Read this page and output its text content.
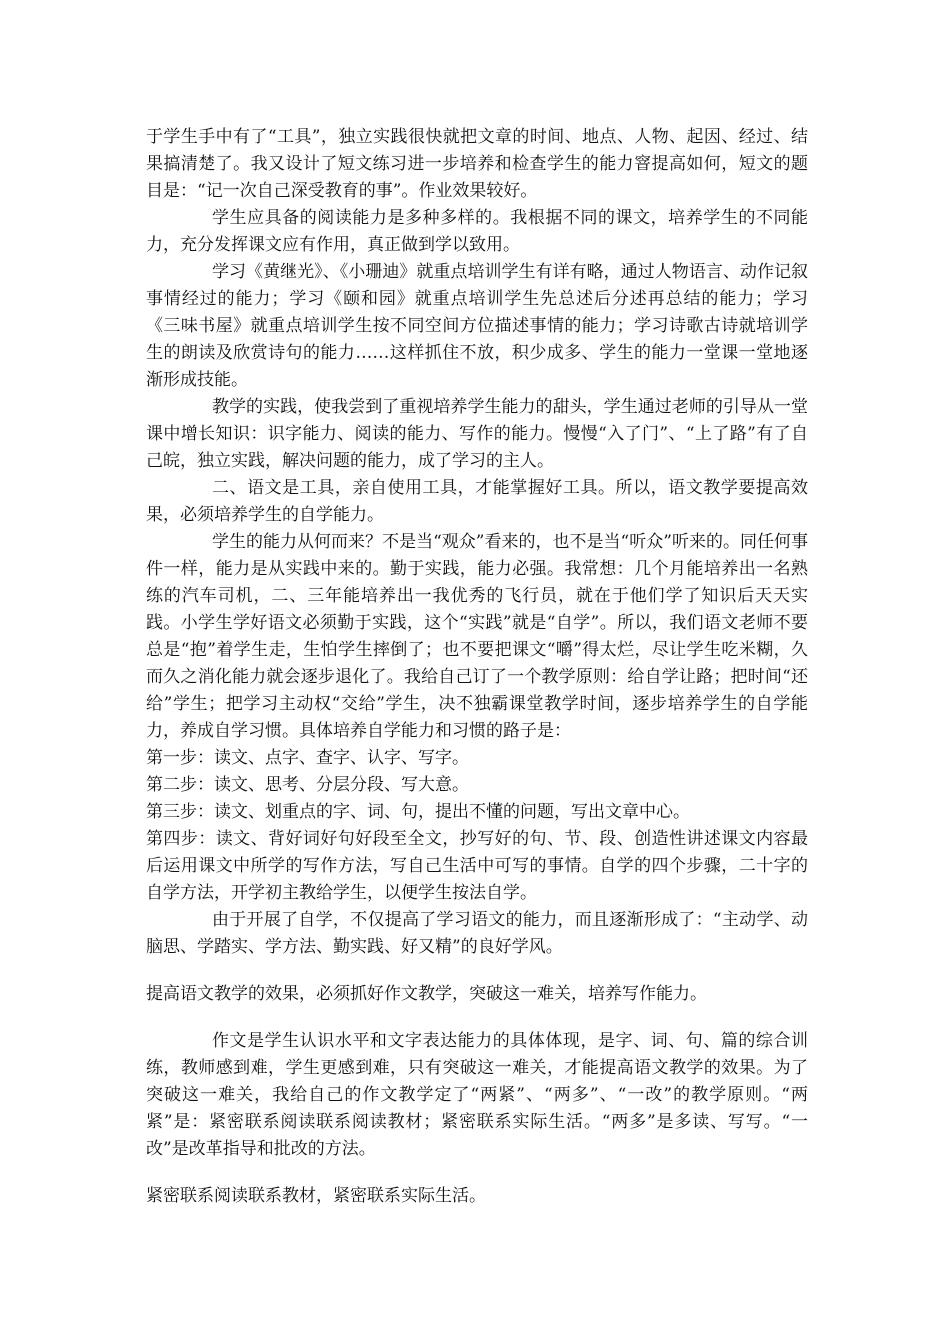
于学生手中有了“工具”，独立实践很快就把文章的时间、地点、人物、起因、经过、结果搞清楚了。我又设计了短文练习进一步培养和检查学生的能力窨提高如何，短文的题目是：“记一次自己深受教育的事”。作业效果较好。

学生应具备的阅读能力是多种多样的。我根据不同的课文，培养学生的不同能力，充分发挥课文应有作用，真正做到学以致用。

学习《黄继光》、《小珊迪》就重点培训学生有详有略，通过人物语言、动作记叙事情经过的能力；学习《颐和园》就重点培训学生先总述后分述再总结的能力；学习《三味书屋》就重点培训学生按不同空间方位描述事情的能力；学习诗歌古诗就培训学生的朗读及欣赏诗句的能力……这样抓住不放，积少成多、学生的能力一堂课一堂地逐渐形成技能。

教学的实践，使我尝到了重视培养学生能力的甜头，学生通过老师的引导从一堂课中增长知识：识字能力、阅读的能力、写作的能力。慢慢“入了门”、“上了路”有了自己皖，独立实践，解决问题的能力，成了学习的主人。

二、语文是工具，亲自使用工具，才能掌握好工具。所以，语文教学要提高效果，必须培养学生的自学能力。

学生的能力从何而来？不是当“观众”看来的，也不是当“听众”听来的。同任何事件一样，能力是从实践中来的。勤于实践，能力必强。我常想：几个月能培养出一名熟练的汽车司机，二、三年能培养出一我优秀的飞行员，就在于他们学了知识后天天实践。小学生学好语文必须勤于实践，这个“实践”就是“自学”。所以，我们语文老师不要总是“抱”着学生走，生怕学生摔倒了；也不要把课文“嚼”得太烂，尽让学生吃米糊，久而久之消化能力就会逐步退化了。我给自己订了一个教学原则：给自学让路；把时间“还给”学生；把学习主动权“交给”学生，决不独霸课堂教学时间，逐步培养学生的自学能力，养成自学习惯。具体培养自学能力和习惯的路子是：

第一步：读文、点字、查字、认字、写字。

第二步：读文、思考、分层分段、写大意。

第三步：读文、划重点的字、词、句，提出不懂的问题，写出文章中心。

第四步：读文、背好词好句好段至全文，抄写好的句、节、段、创造性讲述课文内容最后运用课文中所学的写作方法，写自己生活中可写的事情。自学的四个步骤，二十字的自学方法，开学初主教给学生，以便学生按法自学。

由于开展了自学，不仅提高了学习语文的能力，而且逐渐形成了：“主动学、动脑思、学踏实、学方法、勤实践、好又精”的良好学风。

提高语文教学的效果，必须抓好作文教学，突破这一难关，培养写作能力。

作文是学生认识水平和文字表达能力的具体体现，是字、词、句、篇的综合训练，教师感到难，学生更感到难，只有突破这一难关，才能提高语文教学的效果。为了突破这一难关，我给自己的作文教学定了“两紧”、“两多”、“一改”的教学原则。“两紧”是：紧密联系阅读联系阅读教材；紧密联系实际生活。“两多”是多读、写写。“一改”是改革指导和批改的方法。

紧密联系阅读联系教材，紧密联系实际生活。
